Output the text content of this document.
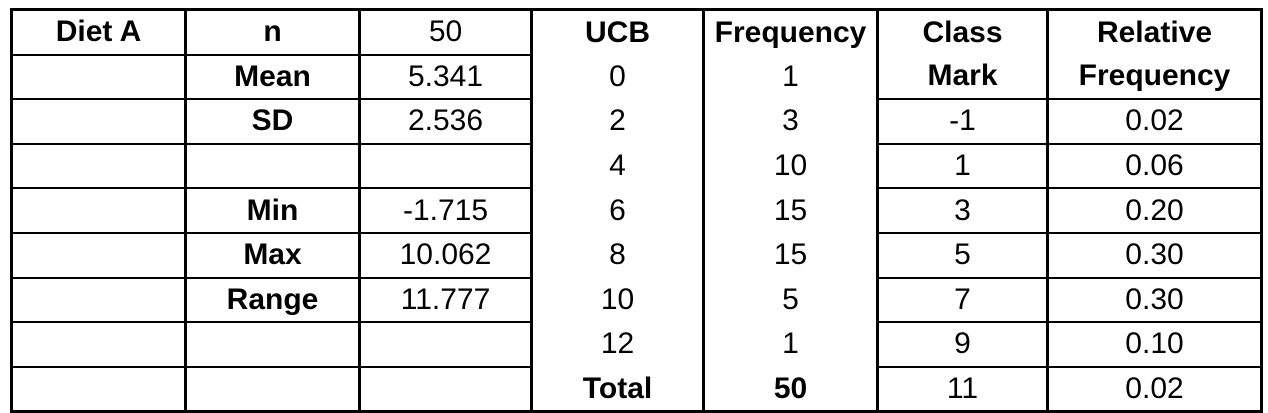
Diet A	n	50	UCB	Frequency	Class	Relative
	Mean	5.341	0	1	Mark	Frequency
	SD	2.536	2	3	-1	0.02
			4	10	1	0.06
	Min	-1.715	6	15	3	0.20
	Max	10.062	8	15	5	0.30
	Range	11.777	10	5	7	0.30
			12	1	9	0.10
			Total	50	11	0.02
